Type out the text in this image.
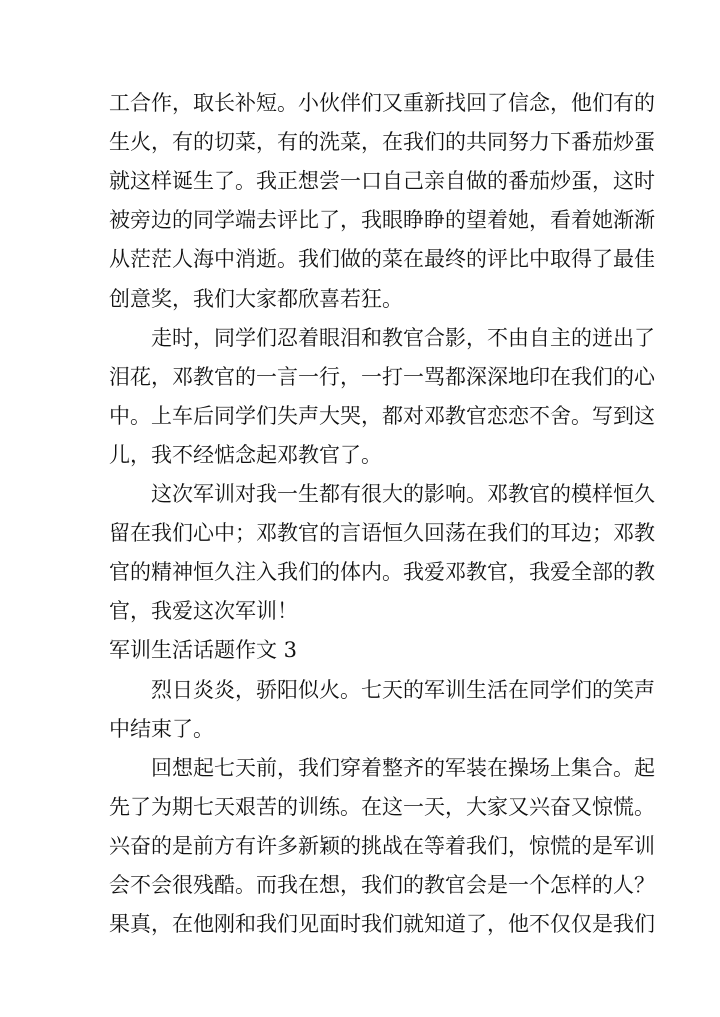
工合作，取长补短。小伙伴们又重新找回了信念，他们有的
生火，有的切菜，有的洗菜，在我们的共同努力下番茄炒蛋
就这样诞生了。我正想尝一口自己亲自做的番茄炒蛋，这时
被旁边的同学端去评比了，我眼睁睁的望着她，看着她渐渐
从茫茫人海中消逝。我们做的菜在最终的评比中取得了最佳
创意奖，我们大家都欣喜若狂。
走时，同学们忍着眼泪和教官合影，不由自主的迸出了
泪花，邓教官的一言一行，一打一骂都深深地印在我们的心
中。上车后同学们失声大哭，都对邓教官恋恋不舍。写到这
儿，我不经惦念起邓教官了。
这次军训对我一生都有很大的影响。邓教官的模样恒久
留在我们心中；邓教官的言语恒久回荡在我们的耳边；邓教
官的精神恒久注入我们的体内。我爱邓教官，我爱全部的教
官，我爱这次军训！
军训生活话题作文 3
烈日炎炎，骄阳似火。七天的军训生活在同学们的笑声
中结束了。
回想起七天前，我们穿着整齐的军装在操场上集合。起
先了为期七天艰苦的训练。在这一天，大家又兴奋又惊慌。
兴奋的是前方有许多新颖的挑战在等着我们，惊慌的是军训
会不会很残酷。而我在想，我们的教官会是一个怎样的人？
果真，在他刚和我们见面时我们就知道了，他不仅仅是我们
